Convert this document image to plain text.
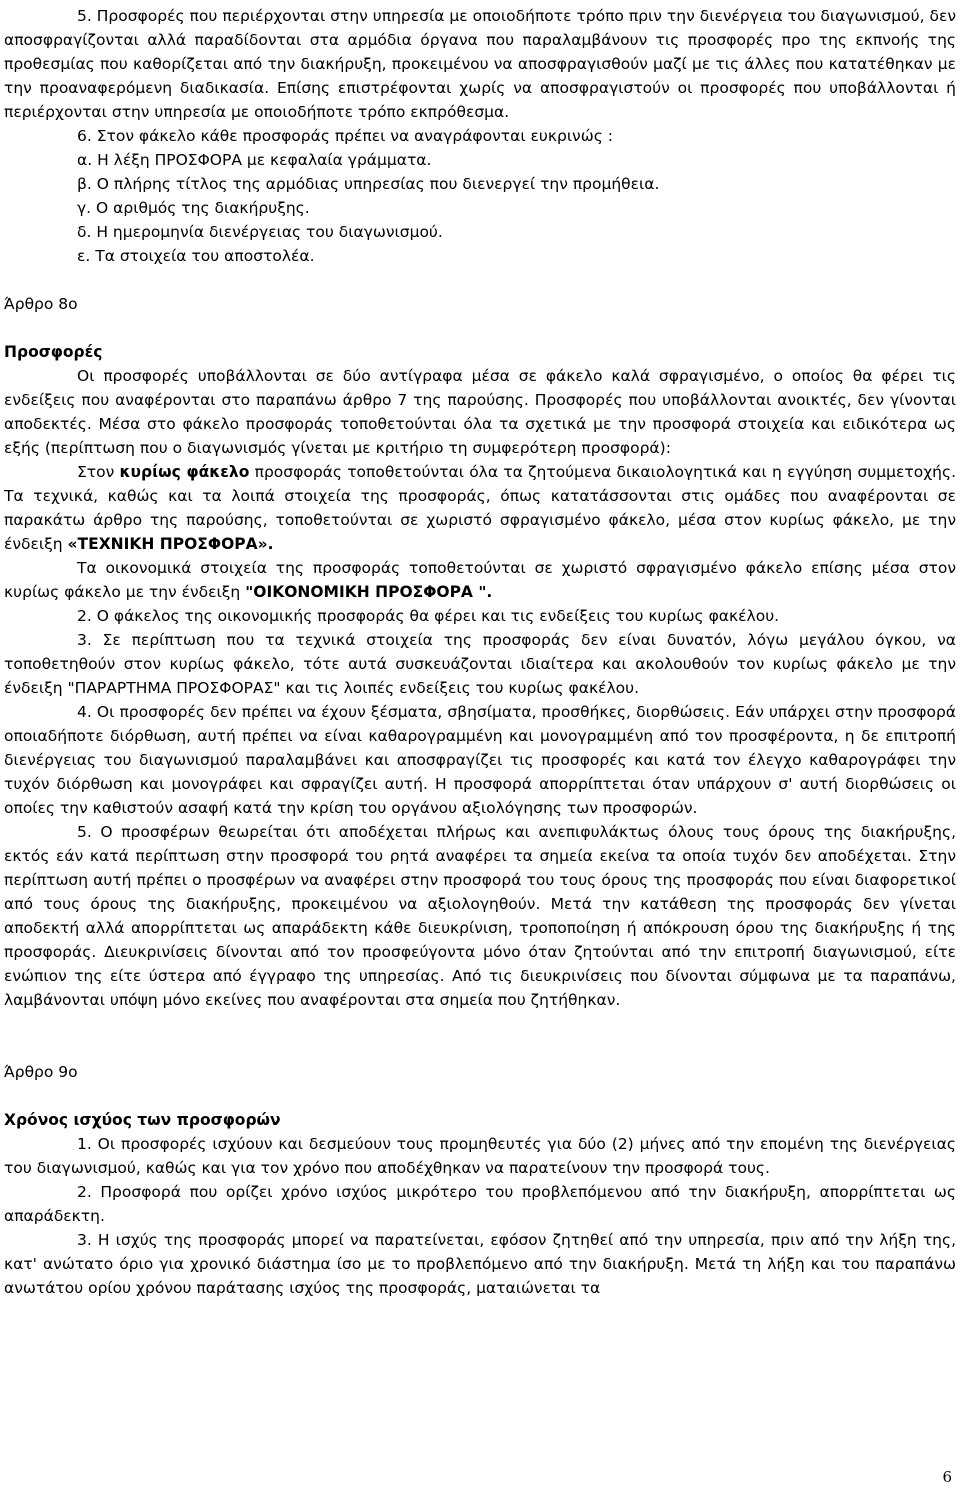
5. Προσφορές που περιέρχονται στην υπηρεσία με οποιοδήποτε τρόπο πριν την διενέργεια του διαγωνισμού, δεν αποσφραγίζονται αλλά παραδίδονται στα αρμόδια όργανα που παραλαμβάνουν τις προσφορές προ της εκπνοής της προθεσμίας που καθορίζεται από την διακήρυξη, προκειμένου να αποσφραγισθούν μαζί με τις άλλες που κατατέθηκαν με την προαναφερόμενη διαδικασία. Επίσης επιστρέφονται χωρίς να αποσφραγιστούν οι προσφορές που υποβάλλονται ή περιέρχονται στην υπηρεσία με οποιοδήποτε τρόπο εκπρόθεσμα.

6. Στον φάκελο κάθε προσφοράς πρέπει να αναγράφονται ευκρινώς :

α. Η λέξη ΠΡΟΣΦΟΡΑ με κεφαλαία γράμματα.

β. Ο πλήρης τίτλος της αρμόδιας υπηρεσίας που διενεργεί την προμήθεια.

γ. Ο αριθμός της διακήρυξης.

δ. Η ημερομηνία διενέργειας του διαγωνισμού.

ε. Τα στοιχεία του αποστολέα.

Άρθρο 8ο

Προσφορές

Οι προσφορές υποβάλλονται σε δύο αντίγραφα μέσα σε φάκελο καλά σφραγισμένο, ο οποίος θα φέρει τις ενδείξεις που αναφέρονται στο παραπάνω άρθρο 7 της παρούσης. Προσφορές που υποβάλλονται ανοικτές, δεν γίνονται αποδεκτές. Μέσα στο φάκελο προσφοράς τοποθετούνται όλα τα σχετικά με την προσφορά στοιχεία και ειδικότερα ως εξής (περίπτωση που ο διαγωνισμός γίνεται με κριτήριο τη συμφερότερη προσφορά):

Στον κυρίως φάκελο προσφοράς τοποθετούνται όλα τα ζητούμενα δικαιολογητικά και η εγγύηση συμμετοχής. Τα τεχνικά, καθώς και τα λοιπά στοιχεία της προσφοράς, όπως κατατάσσονται στις ομάδες που αναφέρονται σε παρακάτω άρθρο της παρούσης, τοποθετούνται σε χωριστό σφραγισμένο φάκελο, μέσα στον κυρίως φάκελο, με την ένδειξη «ΤΕΧΝΙΚΗ ΠΡΟΣΦΟΡΑ».

Τα οικονομικά στοιχεία της προσφοράς τοποθετούνται σε χωριστό σφραγισμένο φάκελο επίσης μέσα στον κυρίως φάκελο με την ένδειξη "ΟΙΚΟΝΟΜΙΚΗ ΠΡΟΣΦΟΡΑ ".

2. Ο φάκελος της οικονομικής προσφοράς θα φέρει και τις ενδείξεις του κυρίως φακέλου.

3. Σε περίπτωση που τα τεχνικά στοιχεία της προσφοράς δεν είναι δυνατόν, λόγω μεγάλου όγκου, να τοποθετηθούν στον κυρίως φάκελο, τότε αυτά συσκευάζονται ιδιαίτερα και ακολουθούν τον κυρίως φάκελο με την ένδειξη "ΠΑΡΑΡΤΗΜΑ ΠΡΟΣΦΟΡΑΣ" και τις λοιπές ενδείξεις του κυρίως φακέλου.

4. Οι προσφορές δεν πρέπει να έχουν ξέσματα, σβησίματα, προσθήκες, διορθώσεις. Εάν υπάρχει στην προσφορά οποιαδήποτε διόρθωση, αυτή πρέπει να είναι καθαρογραμμένη και μονογραμμένη από τον προσφέροντα, η δε επιτροπή διενέργειας του διαγωνισμού παραλαμβάνει και αποσφραγίζει τις προσφορές και κατά τον έλεγχο καθαρογράφει την τυχόν διόρθωση και μονογράφει και σφραγίζει αυτή. Η προσφορά απορρίπτεται όταν υπάρχουν σ' αυτή διορθώσεις οι οποίες την καθιστούν ασαφή κατά την κρίση του οργάνου αξιολόγησης των προσφορών.

5. Ο προσφέρων θεωρείται ότι αποδέχεται πλήρως και ανεπιφυλάκτως όλους τους όρους της διακήρυξης, εκτός εάν κατά περίπτωση στην προσφορά του ρητά αναφέρει τα σημεία εκείνα τα οποία τυχόν δεν αποδέχεται. Στην περίπτωση αυτή πρέπει ο προσφέρων να αναφέρει στην προσφορά του τους όρους της προσφοράς που είναι διαφορετικοί από τους όρους της διακήρυξης, προκειμένου να αξιολογηθούν. Μετά την κατάθεση της προσφοράς δεν γίνεται αποδεκτή αλλά απορρίπτεται ως απαράδεκτη κάθε διευκρίνιση, τροποποίηση ή απόκρουση όρου της διακήρυξης ή της προσφοράς. Διευκρινίσεις δίνονται από τον προσφεύγοντα μόνο όταν ζητούνται από την επιτροπή διαγωνισμού, είτε ενώπιον της είτε ύστερα από έγγραφο της υπηρεσίας. Από τις διευκρινίσεις που δίνονται σύμφωνα με τα παραπάνω, λαμβάνονται υπόψη μόνο εκείνες που αναφέρονται στα σημεία που ζητήθηκαν.

Άρθρο 9ο

Χρόνος ισχύος των προσφορών

1. Οι προσφορές ισχύουν και δεσμεύουν τους προμηθευτές για δύο (2) μήνες από την επομένη της διενέργειας του διαγωνισμού, καθώς και για τον χρόνο που αποδέχθηκαν να παρατείνουν την προσφορά τους.

2. Προσφορά που ορίζει χρόνο ισχύος μικρότερο του προβλεπόμενου από την διακήρυξη, απορρίπτεται ως απαράδεκτη.

3. Η ισχύς της προσφοράς μπορεί να παρατείνεται, εφόσον ζητηθεί από την υπηρεσία, πριν από την λήξη της, κατ' ανώτατο όριο για χρονικό διάστημα ίσο με το προβλεπόμενο από την διακήρυξη. Μετά τη λήξη και του παραπάνω ανωτάτου ορίου χρόνου παράτασης ισχύος της προσφοράς, ματαιώνεται τα

6
